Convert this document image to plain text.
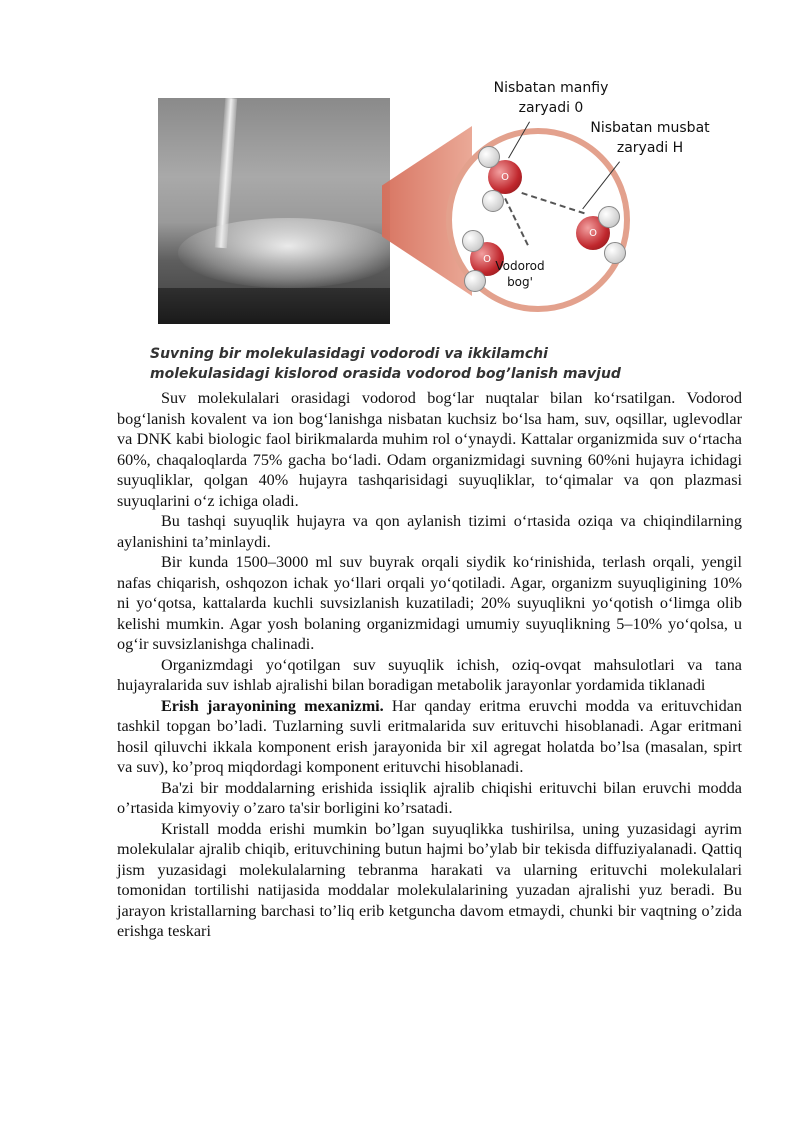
O
O
O
Nisbatan manfiy zaryadi 0
Nisbatan musbat zaryadi H
Vodorod bog'
Suvning bir molekulasidagi vodorodi va ikkilamchi molekulasidagi kislorod orasida vodorod bog’lanish mavjud

Suv molekulalari orasidagi vodorod bog‘lar nuqtalar bilan ko‘rsatilgan. Vodorod bog‘lanish kovalent va ion bog‘lanishga nisbatan kuchsiz bo‘lsa ham, suv, oqsillar, uglevodlar va DNK kabi biologic faol birikmalarda muhim rol o‘ynaydi. Kattalar organizmida suv o‘rtacha 60%, chaqaloqlarda 75% gacha bo‘ladi. Odam organizmidagi suvning 60%ni hujayra ichidagi suyuqliklar, qolgan 40% hujayra tashqarisidagi suyuqliklar, to‘qimalar va qon plazmasi suyuqlarini o‘z ichiga oladi.

Bu tashqi suyuqlik hujayra va qon aylanish tizimi o‘rtasida oziqa va chiqindilarning aylanishini ta’minlaydi.

Bir kunda 1500–3000 ml suv buyrak orqali siydik ko‘rinishida, terlash orqali, yengil nafas chiqarish, oshqozon ichak yo‘llari orqali yo‘qotiladi. Agar, organizm suyuqligining 10% ni yo‘qotsa, kattalarda kuchli suvsizlanish kuzatiladi; 20% suyuqlikni yo‘qotish o‘limga olib kelishi mumkin. Agar yosh bolaning organizmidagi umumiy suyuqlikning 5–10% yo‘qolsa, u og‘ir suvsizlanishga chalinadi.

Organizmdagi yo‘qotilgan suv suyuqlik ichish, oziq-ovqat mahsulotlari va tana hujayralarida suv ishlab ajralishi bilan boradigan metabolik jarayonlar yordamida tiklanadi

Erish jarayonining mexanizmi. Har qanday eritma eruvchi modda va erituvchidan tashkil topgan bo’ladi. Tuzlarning suvli eritmalarida suv erituvchi hisoblanadi. Agar eritmani hosil qiluvchi ikkala komponent erish jarayonida bir xil agregat holatda bo’lsa (masalan, spirt va suv), ko’proq miqdordagi komponent erituvchi hisoblanadi.

Ba'zi bir moddalarning erishida issiqlik ajralib chiqishi erituvchi bilan eruvchi modda o’rtasida kimyoviy o’zaro ta'sir borligini ko’rsatadi.

Kristall modda erishi mumkin bo’lgan suyuqlikka tushirilsa, uning yuzasidagi ayrim molekulalar ajralib chiqib, erituvchining butun hajmi bo’ylab bir tekisda diffuziyalanadi. Qattiq jism yuzasidagi molekulalarning tebranma harakati va ularning erituvchi molekulalari tomonidan tortilishi natijasida moddalar molekulalarining yuzadan ajralishi yuz beradi. Bu jarayon kristallarning barchasi to’liq erib ketguncha davom etmaydi, chunki bir vaqtning o’zida erishga teskari
